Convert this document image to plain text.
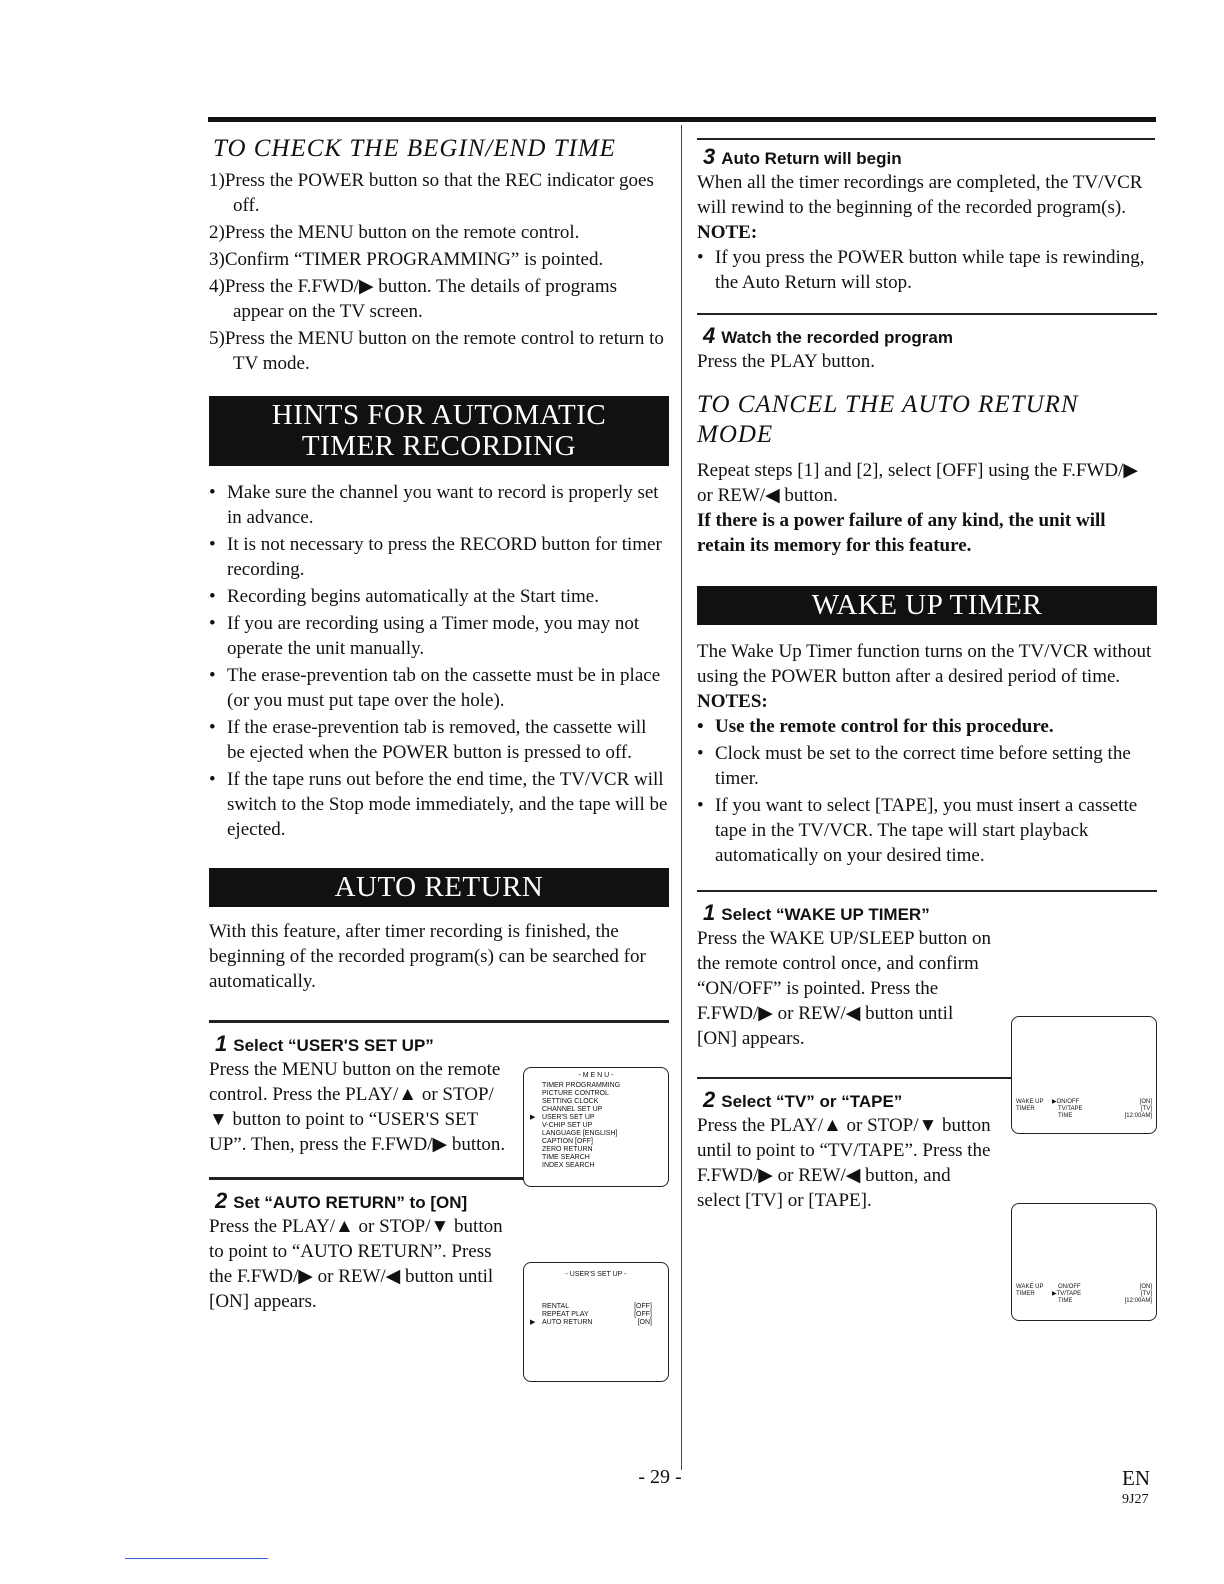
TO CHECK THE BEGIN/END TIME

1)Press the POWER button so that the REC indicator goes off.

2)Press the MENU button on the remote control.

3)Confirm “TIMER PROGRAMMING” is pointed.

4)Press the F.FWD/▶ button. The details of programs appear on the TV screen.

5)Press the MENU button on the remote control to return to TV mode.

HINTS FOR AUTOMATIC
TIMER RECORDING

• Make sure the channel you want to record is properly set in advance.

• It is not necessary to press the RECORD button for timer recording.

• Recording begins automatically at the Start time.

• If you are recording using a Timer mode, you may not operate the unit manually.

• The erase-prevention tab on the cassette must be in place (or you must put tape over the hole).

• If the erase-prevention tab is removed, the cassette will be ejected when the POWER button is pressed to off.

• If the tape runs out before the end time, the TV/VCR will switch to the Stop mode immediately, and the tape will be ejected.

AUTO RETURN

With this feature, after timer recording is finished, the beginning of the recorded program(s) can be searched for automatically.

1 Select “USER'S SET UP”

Press the MENU button on the remote control. Press the PLAY/▲ or STOP/▼ button to point to “USER'S SET UP”. Then, press the F.FWD/▶ button.

2 Set “AUTO RETURN” to [ON]

Press the PLAY/▲ or STOP/▼ button to point to “AUTO RETURN”. Press the F.FWD/▶ or REW/◀ button until [ON] appears.

- M E N U -
TIMER PROGRAMMING
PICTURE CONTROL
SETTING CLOCK
CHANNEL SET UP
▶ USER'S SET UP
V-CHIP SET UP
LANGUAGE [ENGLISH]
CAPTION [OFF]
ZERO RETURN
TIME SEARCH
INDEX SEARCH
- USER'S SET UP -
RENTAL	[OFF]
REPEAT PLAY	[OFF]
▶ AUTO RETURN	[ON]
3 Auto Return will begin

When all the timer recordings are completed, the TV/VCR will rewind to the beginning of the recorded program(s).

NOTE:

• If you press the POWER button while tape is rewinding, the Auto Return will stop.

4 Watch the recorded program

Press the PLAY button.

TO CANCEL THE AUTO RETURN MODE

Repeat steps [1] and [2], select [OFF] using the F.FWD/▶ or REW/◀ button.

If there is a power failure of any kind, the unit will retain its memory for this feature.

WAKE UP TIMER

The Wake Up Timer function turns on the TV/VCR without using the POWER button after a desired period of time.

NOTES:

• Use the remote control for this procedure.

• Clock must be set to the correct time before setting the timer.

• If you want to select [TAPE], you must insert a cassette tape in the TV/VCR. The tape will start playback automatically on your desired time.

1 Select “WAKE UP TIMER”

Press the WAKE UP/SLEEP button on the remote control once, and confirm “ON/OFF” is pointed. Press the F.FWD/▶ or REW/◀ button until [ON] appears.

2 Select “TV” or “TAPE”

Press the PLAY/▲ or STOP/▼ button until to point to “TV/TAPE”. Press the F.FWD/▶ or REW/◀ button, and select [TV] or [TAPE].

WAKE UP
TIMER
▶ON/OFF	[ON]
TV/TAPE	[TV]
TIME	[12:00AM]
WAKE UP
TIMER
ON/OFF	[ON]
▶TV/TAPE	[TV]
TIME	[12:00AM]
- 29 -	EN
9J27
